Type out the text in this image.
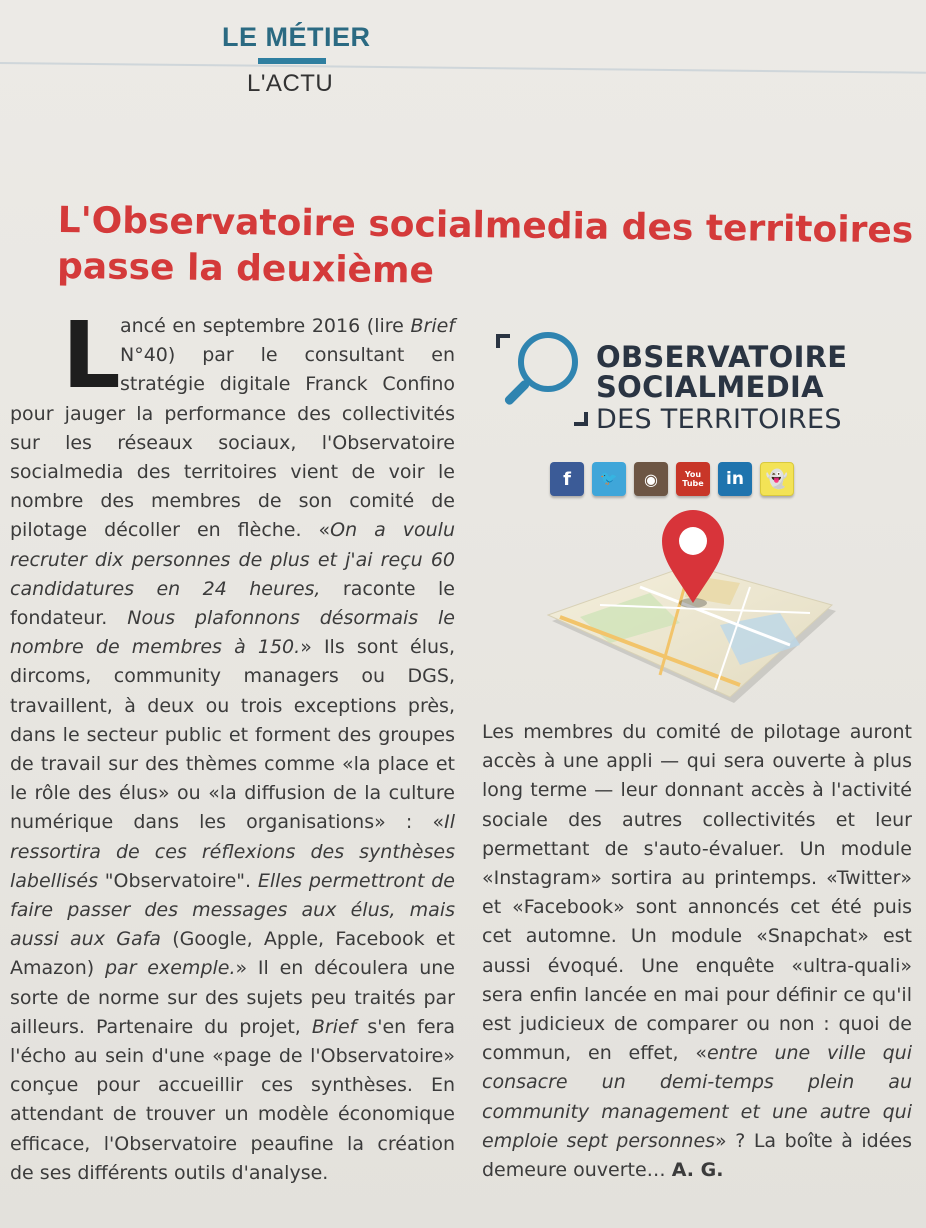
LE MÉTIER
L'ACTU
L'Observatoire socialmedia des territoires
passe la deuxième
L ancé en septembre 2016 (lire Brief N°40) par le consultant en stratégie digitale Franck Confino pour jauger la performance des collectivités sur les réseaux sociaux, l'Observatoire socialmedia des territoires vient de voir le nombre des membres de son comité de pilotage décoller en flèche. «On a voulu recruter dix personnes de plus et j'ai reçu 60 candidatures en 24 heures, raconte le fondateur. Nous plafonnons désormais le nombre de membres à 150.» Ils sont élus, dircoms, community managers ou DGS, travaillent, à deux ou trois exceptions près, dans le secteur public et forment des groupes de travail sur des thèmes comme «la place et le rôle des élus» ou «la diffusion de la culture numérique dans les organisations» : «Il ressortira de ces réflexions des synthèses labellisés "Observatoire". Elles permettront de faire passer des messages aux élus, mais aussi aux Gafa (Google, Apple, Facebook et Amazon) par exemple.» Il en découlera une sorte de norme sur des sujets peu traités par ailleurs. Partenaire du projet, Brief s'en fera l'écho au sein d'une «page de l'Observatoire» conçue pour accueillir ces synthèses. En attendant de trouver un modèle économique efficace, l'Observatoire peaufine la création de ses différents outils d'analyse.

OBSERVATOIRE
SOCIALMEDIA
DES TERRITOIRES
f	🐦	◉	You Tube	in	👻

Les membres du comité de pilotage auront accès à une appli — qui sera ouverte à plus long terme — leur donnant accès à l'activité sociale des autres collectivités et leur permettant de s'auto-évaluer. Un module «Instagram» sortira au printemps. «Twitter» et «Facebook» sont annoncés cet été puis cet automne. Un module «Snapchat» est aussi évoqué. Une enquête «ultra-quali» sera enfin lancée en mai pour définir ce qu'il est judicieux de comparer ou non : quoi de commun, en effet, «entre une ville qui consacre un demi-temps plein au community management et une autre qui emploie sept personnes» ? La boîte à idées demeure ouverte… A. G.
